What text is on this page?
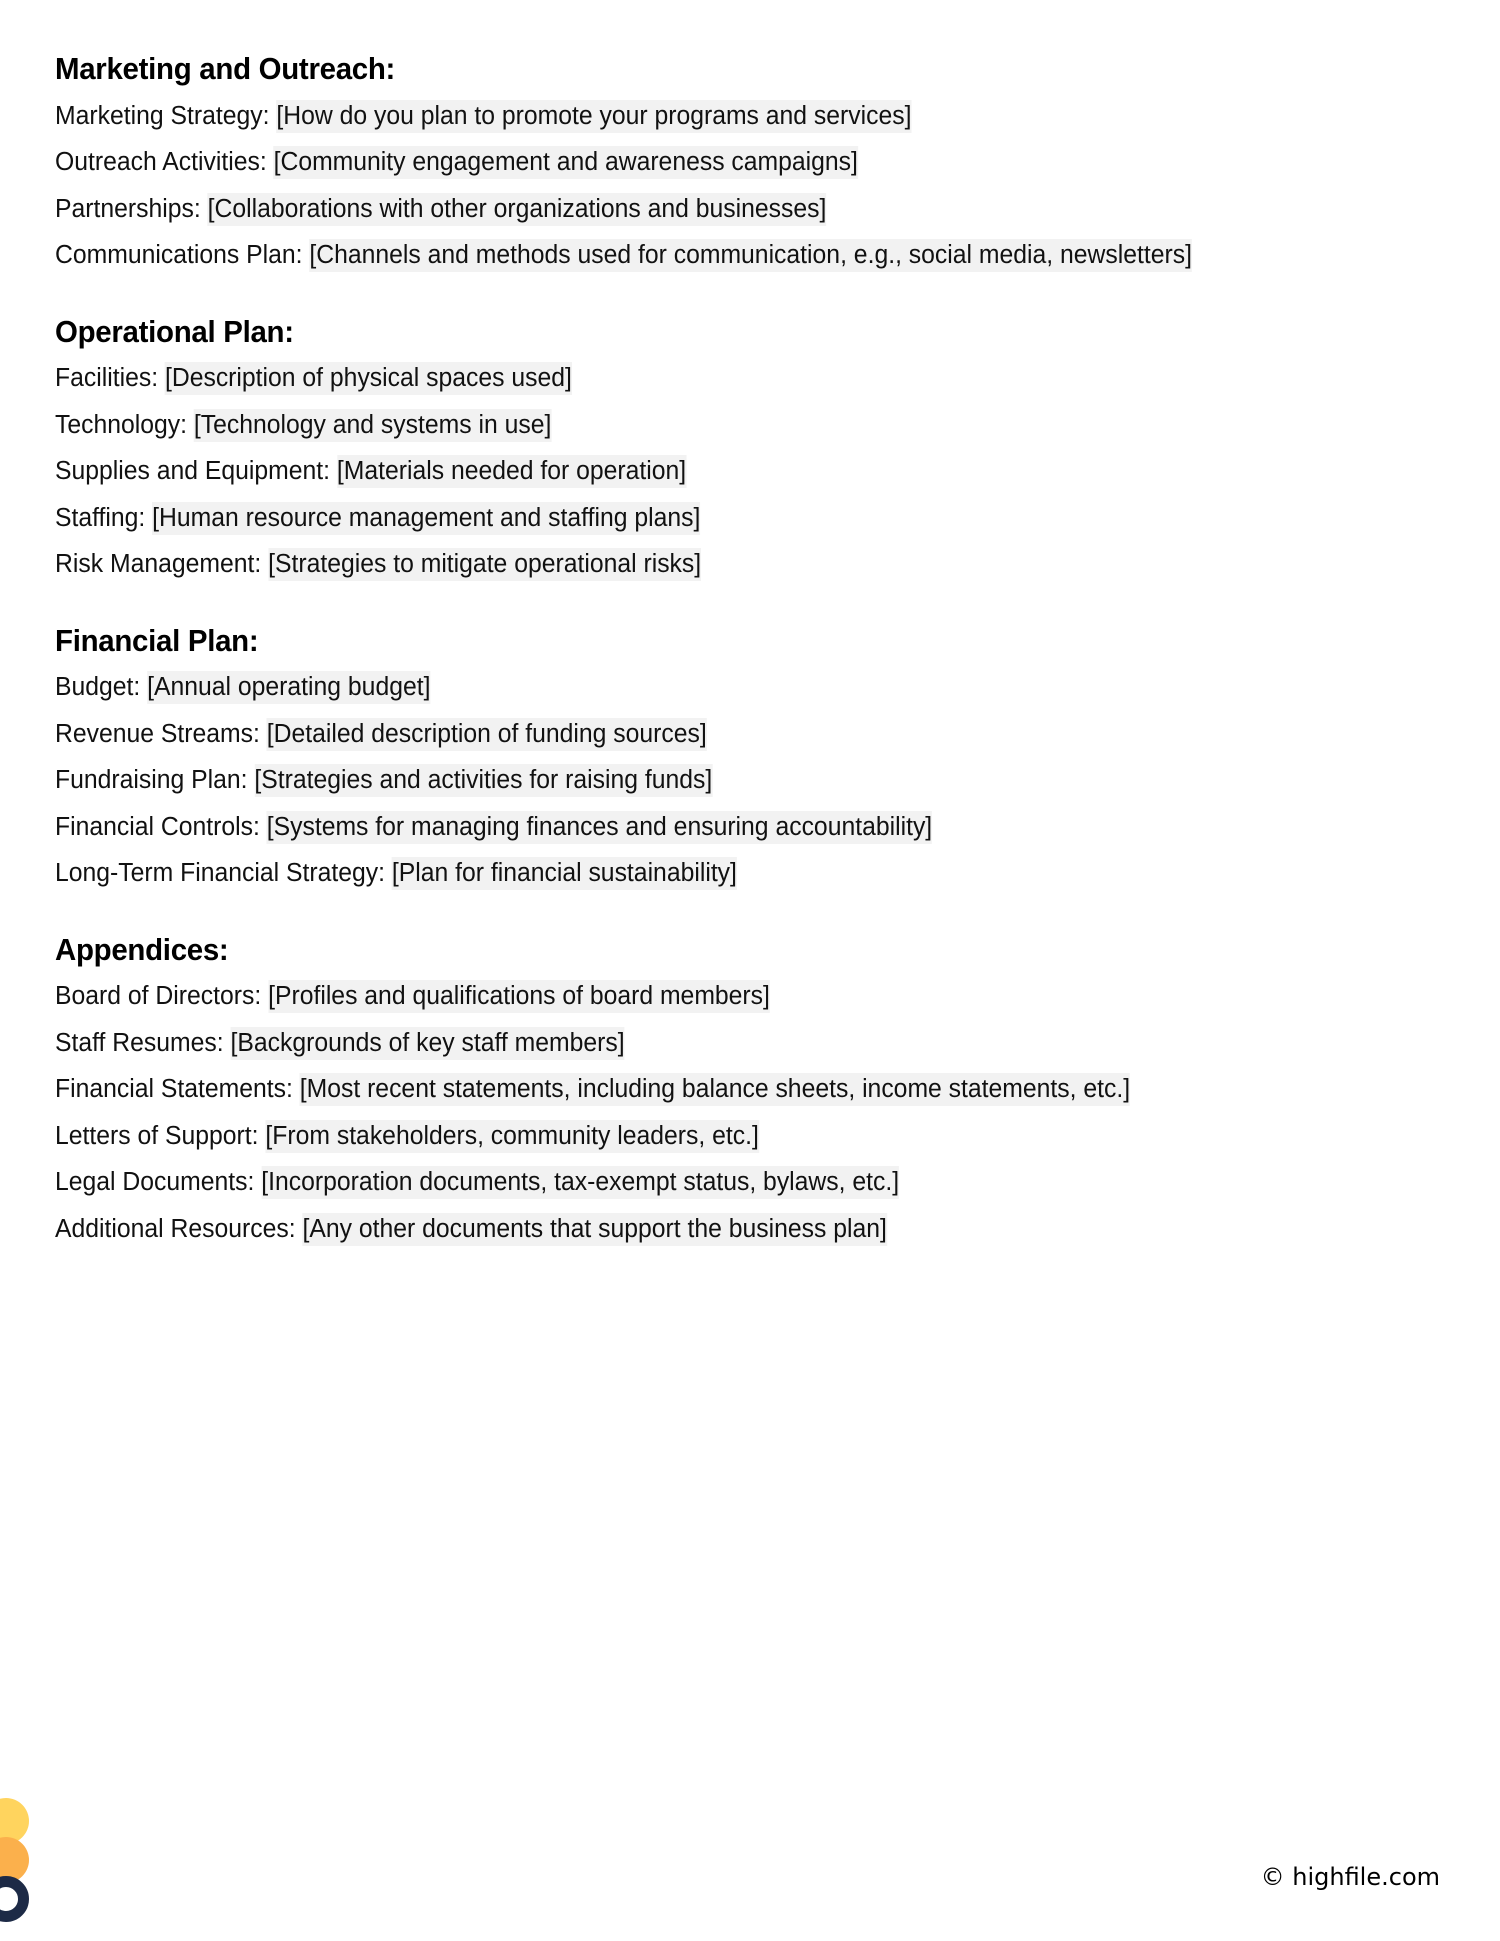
Marketing and Outreach:
Marketing Strategy: [How do you plan to promote your programs and services]
Outreach Activities: [Community engagement and awareness campaigns]
Partnerships: [Collaborations with other organizations and businesses]
Communications Plan: [Channels and methods used for communication, e.g., social media, newsletters]
Operational Plan:
Facilities: [Description of physical spaces used]
Technology: [Technology and systems in use]
Supplies and Equipment: [Materials needed for operation]
Staffing: [Human resource management and staffing plans]
Risk Management: [Strategies to mitigate operational risks]
Financial Plan:
Budget: [Annual operating budget]
Revenue Streams: [Detailed description of funding sources]
Fundraising Plan: [Strategies and activities for raising funds]
Financial Controls: [Systems for managing finances and ensuring accountability]
Long-Term Financial Strategy: [Plan for financial sustainability]
Appendices:
Board of Directors: [Profiles and qualifications of board members]
Staff Resumes: [Backgrounds of key staff members]
Financial Statements: [Most recent statements, including balance sheets, income statements, etc.]
Letters of Support: [From stakeholders, community leaders, etc.]
Legal Documents: [Incorporation documents, tax-exempt status, bylaws, etc.]
Additional Resources: [Any other documents that support the business plan]
© highfile.com
